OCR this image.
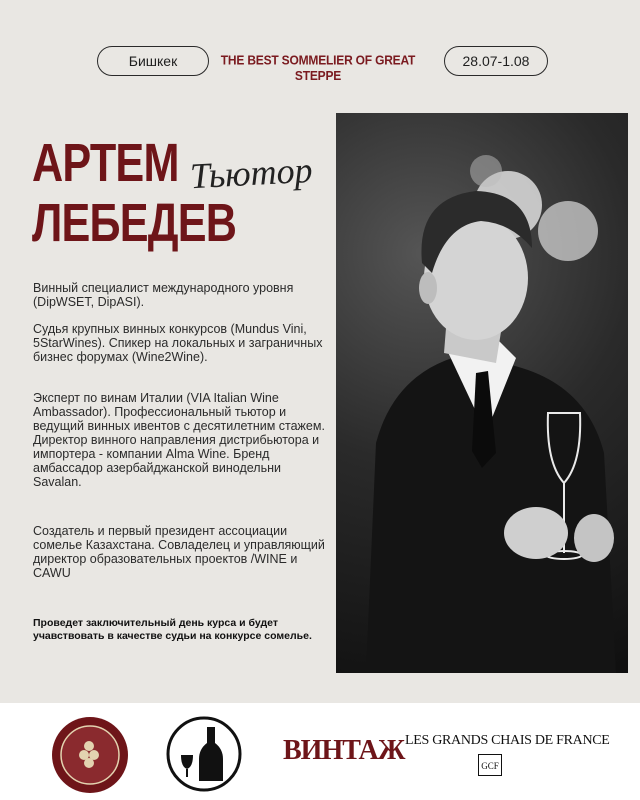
Бишкек	THE BEST SOMMELIER OF GREAT STEPPE
28.07-1.08
АРТЕМ
ЛЕБЕДЕВ
Тьютор
Винный специалист международного уровня (DipWSET, DipASI).
Судья крупных винных конкурсов (Mundus Vini, 5StarWines). Спикер на локальных и заграничных бизнес форумах (Wine2Wine).
Эксперт по винам Италии (VIA Italian Wine Ambassador). Профессиональный тьютор и ведущий винных ивентов с десятилетним стажем. Директор винного направления дистрибьютора и импортера - компании Alma Wine. Бренд амбассадор азербайджанской винодельни Savalan.
Создатель и первый президент ассоциации сомелье Казахстана. Совладелец и управляющий директор образовательных проектов /WINE и CAWU
Проведет заключительный день курса и будет учавствовать в качестве судьи на конкурсе сомелье.
ВИНТАЖ LES GRANDS CHAIS DE FRANCE
GCF
